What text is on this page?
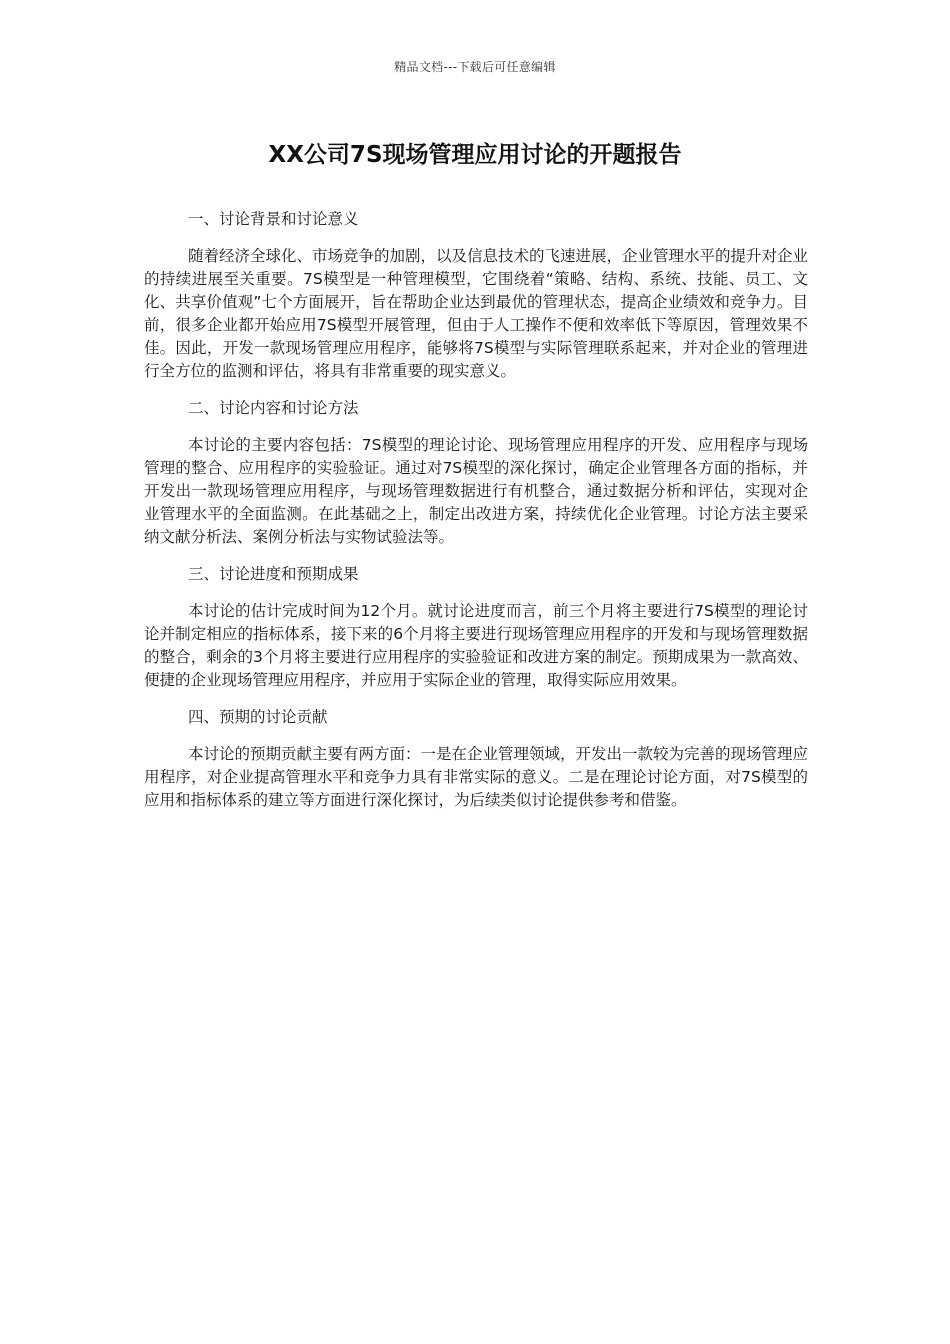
精品文档---下载后可任意编辑
XX公司7S现场管理应用讨论的开题报告

一、讨论背景和讨论意义

随着经济全球化、市场竞争的加剧，以及信息技术的飞速进展，企业管理水平的提升对企业的持续进展至关重要。7S模型是一种管理模型，它围绕着“策略、结构、系统、技能、员工、文化、共享价值观”七个方面展开，旨在帮助企业达到最优的管理状态，提高企业绩效和竞争力。目前，很多企业都开始应用7S模型开展管理，但由于人工操作不便和效率低下等原因，管理效果不佳。因此，开发一款现场管理应用程序，能够将7S模型与实际管理联系起来，并对企业的管理进行全方位的监测和评估，将具有非常重要的现实意义。

二、讨论内容和讨论方法

本讨论的主要内容包括：7S模型的理论讨论、现场管理应用程序的开发、应用程序与现场管理的整合、应用程序的实验验证。通过对7S模型的深化探讨，确定企业管理各方面的指标，并开发出一款现场管理应用程序，与现场管理数据进行有机整合，通过数据分析和评估，实现对企业管理水平的全面监测。在此基础之上，制定出改进方案，持续优化企业管理。讨论方法主要采纳文献分析法、案例分析法与实物试验法等。

三、讨论进度和预期成果

本讨论的估计完成时间为12个月。就讨论进度而言，前三个月将主要进行7S模型的理论讨论并制定相应的指标体系，接下来的6个月将主要进行现场管理应用程序的开发和与现场管理数据的整合，剩余的3个月将主要进行应用程序的实验验证和改进方案的制定。预期成果为一款高效、便捷的企业现场管理应用程序，并应用于实际企业的管理，取得实际应用效果。

四、预期的讨论贡献

本讨论的预期贡献主要有两方面：一是在企业管理领域，开发出一款较为完善的现场管理应用程序，对企业提高管理水平和竞争力具有非常实际的意义。二是在理论讨论方面，对7S模型的应用和指标体系的建立等方面进行深化探讨，为后续类似讨论提供参考和借鉴。
